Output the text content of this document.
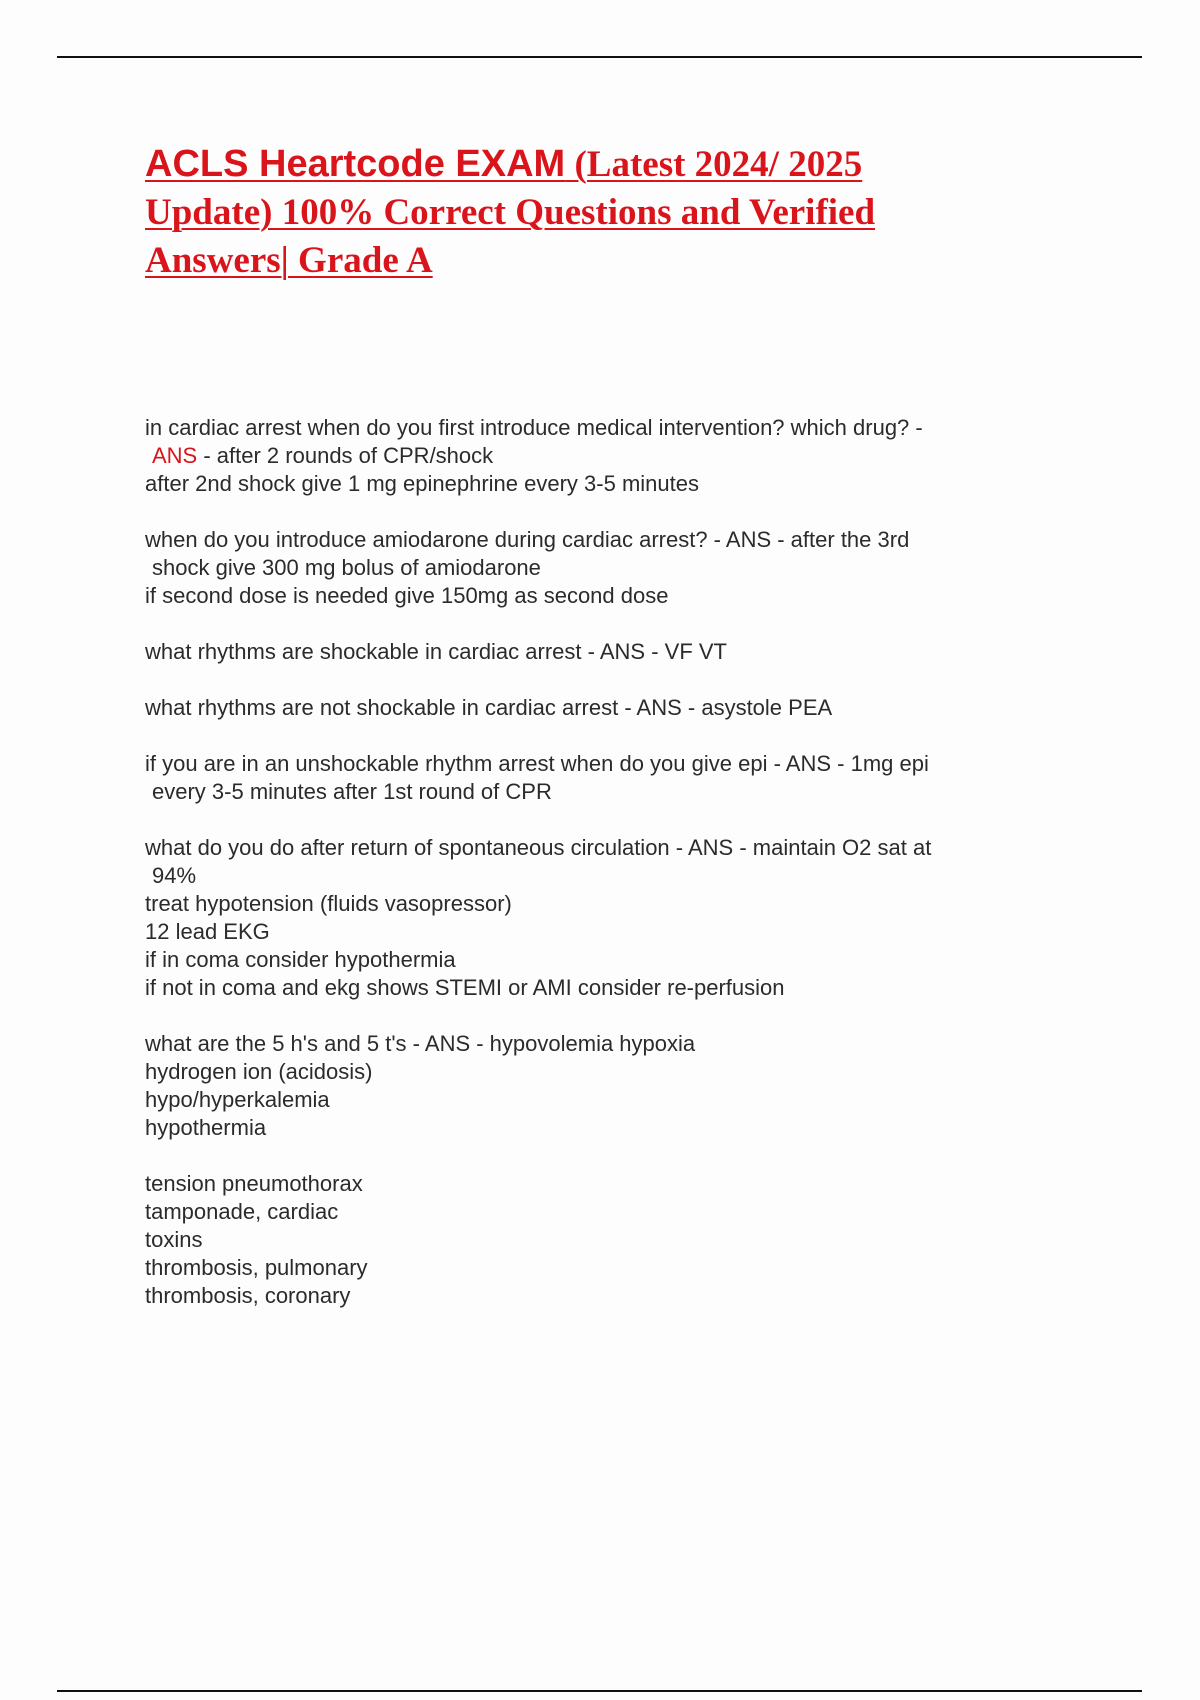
ACLS Heartcode EXAM (Latest 2024/ 2025
Update) 100% Correct Questions and Verified
Answers| Grade A
in cardiac arrest when do you first introduce medical intervention? which drug? -
ANS - after 2 rounds of CPR/shock
after 2nd shock give 1 mg epinephrine every 3-5 minutes
when do you introduce amiodarone during cardiac arrest? - ANS - after the 3rd
shock give 300 mg bolus of amiodarone
if second dose is needed give 150mg as second dose
what rhythms are shockable in cardiac arrest - ANS - VF VT
what rhythms are not shockable in cardiac arrest - ANS - asystole PEA
if you are in an unshockable rhythm arrest when do you give epi - ANS - 1mg epi
every 3-5 minutes after 1st round of CPR
what do you do after return of spontaneous circulation - ANS - maintain O2 sat at
94%
treat hypotension (fluids vasopressor)
12 lead EKG
if in coma consider hypothermia
if not in coma and ekg shows STEMI or AMI consider re-perfusion
what are the 5 h's and 5 t's - ANS - hypovolemia hypoxia
hydrogen ion (acidosis)
hypo/hyperkalemia
hypothermia
tension pneumothorax
tamponade, cardiac
toxins
thrombosis, pulmonary
thrombosis, coronary
